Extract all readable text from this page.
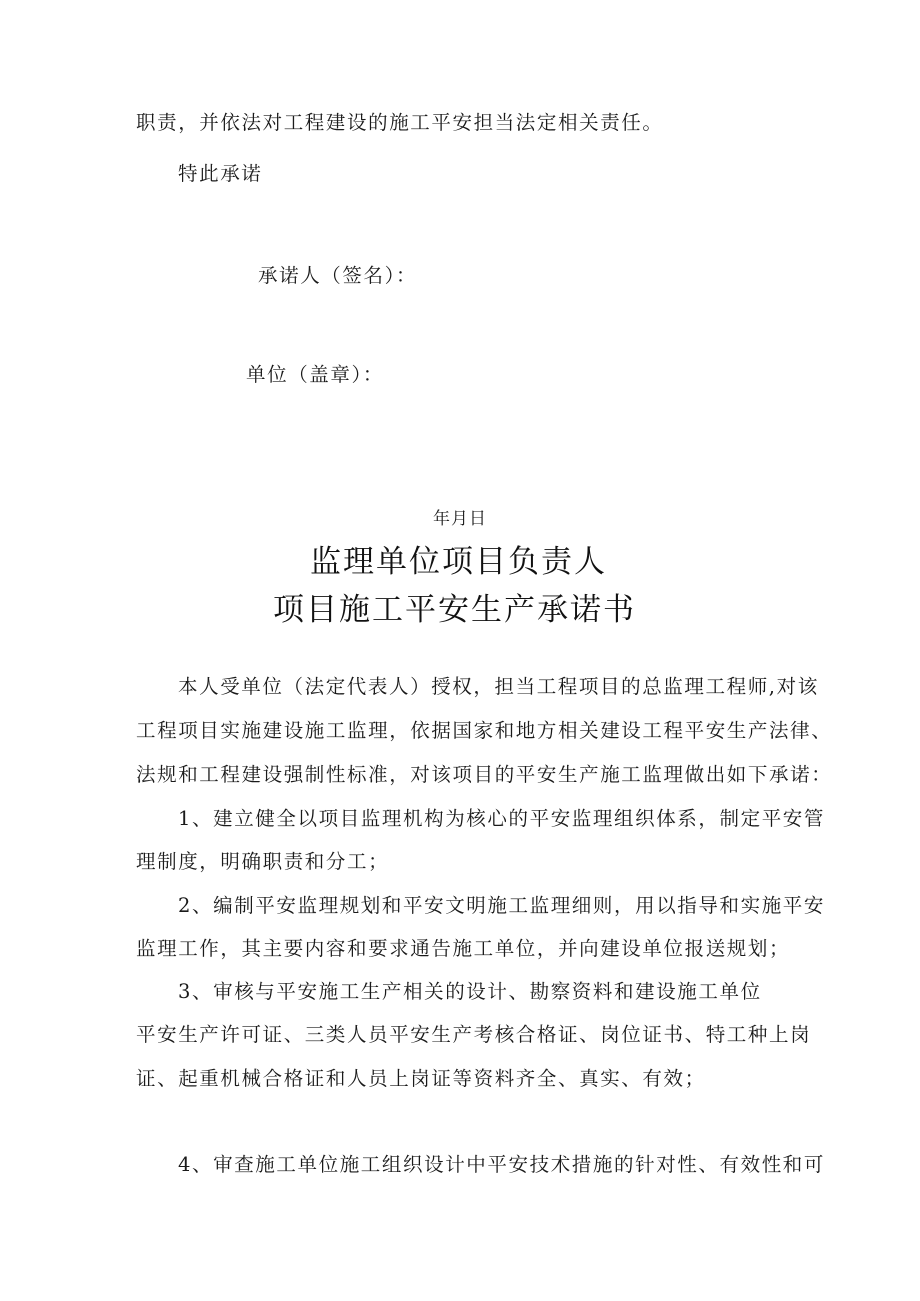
职责，并依法对工程建设的施工平安担当法定相关责任。
特此承诺
承诺人（签名）：
单位（盖章）：
年月日
监理单位项目负责人
项目施工平安生产承诺书
本人受单位（法定代表人）授权，担当工程项目的总监理工程师,对该
工程项目实施建设施工监理，依据国家和地方相关建设工程平安生产法律、
法规和工程建设强制性标准，对该项目的平安生产施工监理做出如下承诺：
1、建立健全以项目监理机构为核心的平安监理组织体系，制定平安管
理制度，明确职责和分工；
2、编制平安监理规划和平安文明施工监理细则，用以指导和实施平安
监理工作，其主要内容和要求通告施工单位，并向建设单位报送规划；
3、审核与平安施工生产相关的设计、勘察资料和建设施工单位
平安生产许可证、三类人员平安生产考核合格证、岗位证书、特工种上岗
证、起重机械合格证和人员上岗证等资料齐全、真实、有效；
4、审查施工单位施工组织设计中平安技术措施的针对性、有效性和可
